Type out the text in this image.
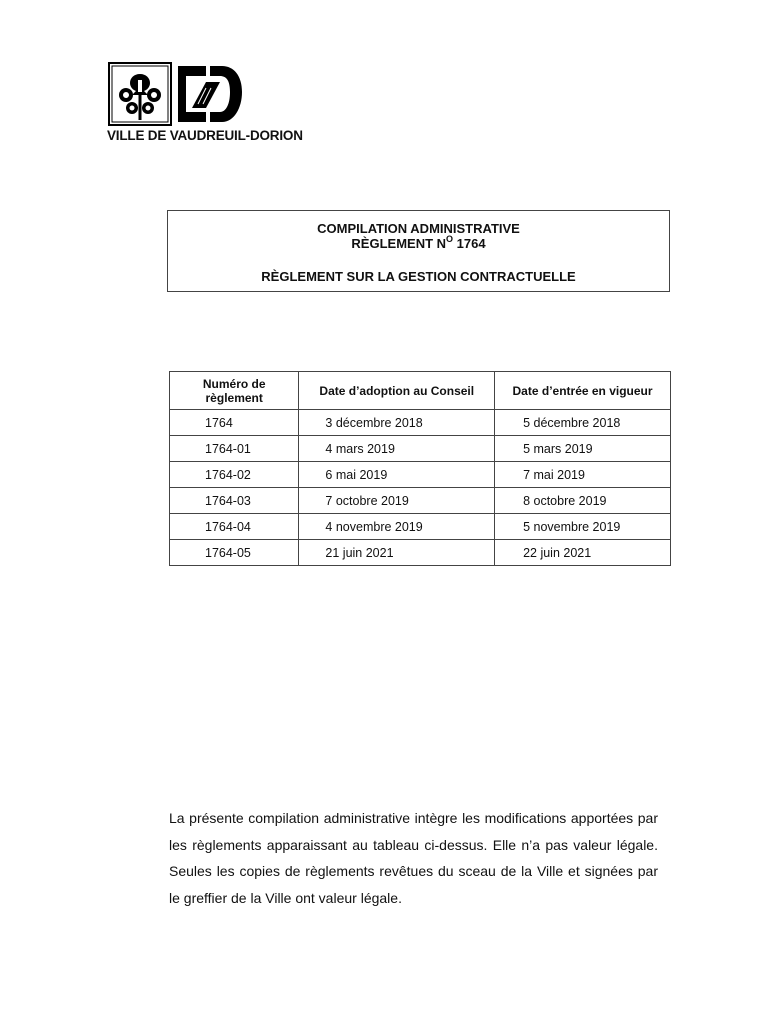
VILLE DE VAUDREUIL-DORION
COMPILATION ADMINISTRATIVE
RÈGLEMENT $N^O$ 1764
RÈGLEMENT SUR LA GESTION CONTRACTUELLE
Numéro de règlement	Date d’adoption au Conseil	Date d’entrée en vigueur
1764	3 décembre 2018	5 décembre 2018
1764-01	4 mars 2019	5 mars 2019
1764-02	6 mai 2019	7 mai 2019
1764-03	7 octobre 2019	8 octobre 2019
1764-04	4 novembre 2019	5 novembre 2019
1764-05	21 juin 2021	22 juin 2021
La présente compilation administrative intègre les modifications apportées par les règlements apparaissant au tableau ci-dessus. Elle n’a pas valeur légale. Seules les copies de règlements revêtues du sceau de la Ville et signées par le greffier de la Ville ont valeur légale.
